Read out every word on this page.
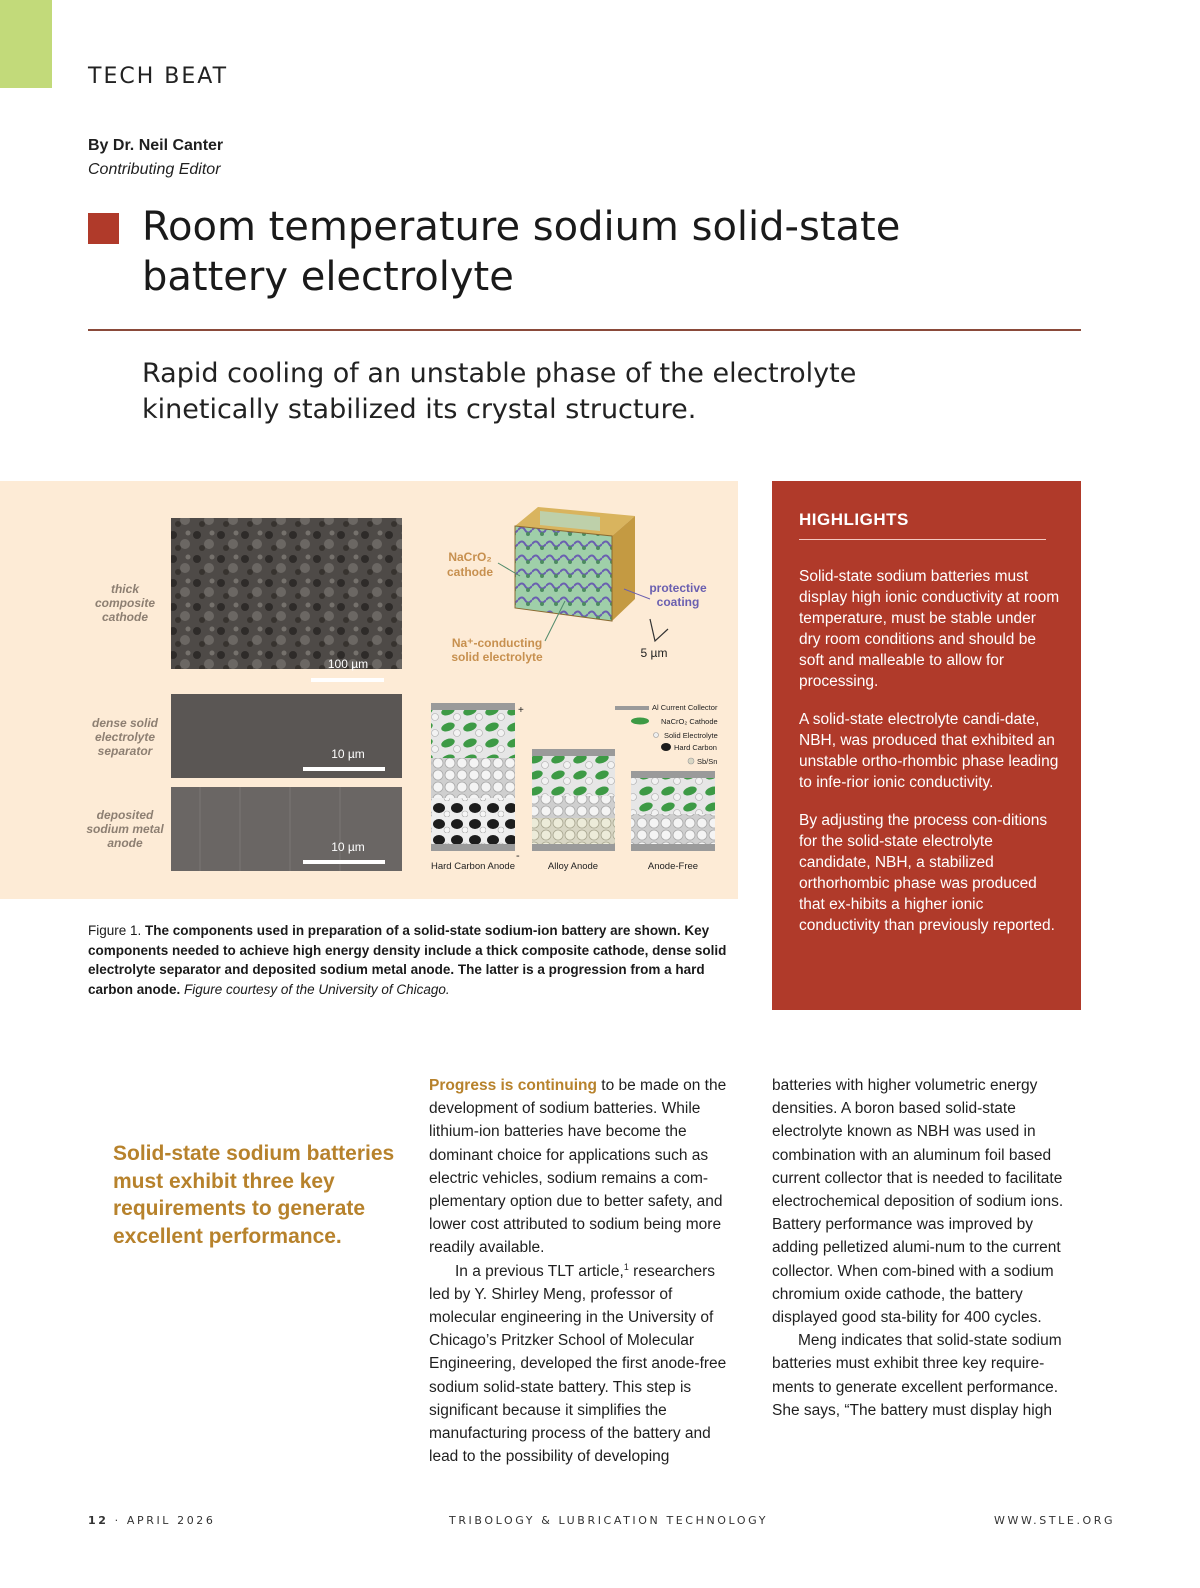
TECH BEAT
By Dr. Neil Canter
Contributing Editor
Room temperature sodium solid-state battery electrolyte
Rapid cooling of an unstable phase of the electrolyte kinetically stabilized its crystal structure.
100 µm
10 µm
10 µm
thick
composite
cathode
dense solid
electrolyte
separator
deposited
sodium metal
anode
NaCrO₂
cathode
protective
coating
Na⁺-conducting
solid electrolyte	5 µm
+
-
Hard Carbon Anode	Alloy Anode	Anode-Free
Al Current Collector
NaCrO₂ Cathode
Solid Electrolyte
Hard Carbon
Sb/Sn
Figure 1. The components used in preparation of a solid-state sodium-ion battery are shown. Key components needed to achieve high energy density include a thick composite cathode, dense solid electrolyte separator and deposited sodium metal anode. The latter is a progression from a hard carbon anode. Figure courtesy of the University of Chicago.
HIGHLIGHTS

Solid-state sodium batteries must display high ionic conductivity at room temperature, must be stable under dry room conditions and should be soft and malleable to allow for processing.

A solid-state electrolyte candi-date, NBH, was produced that exhibited an unstable ortho-rhombic phase leading to infe-rior ionic conductivity.

By adjusting the process con-ditions for the solid-state electrolyte candidate, NBH, a stabilized orthorhombic phase was produced that ex-hibits a higher ionic conductivity than previously reported.

Solid-state sodium batteries must exhibit three key requirements to generate excellent performance.

Progress is continuing to be made on the development of sodium batteries. While lithium-ion batteries have become the dominant choice for applications such as electric vehicles, sodium remains a com-plementary option due to better safety, and lower cost attributed to sodium being more readily available.

In a previous TLT article,$^1$ researchers led by Y. Shirley Meng, professor of molecular engineering in the University of Chicago’s Pritzker School of Molecular Engineering, developed the first anode-free sodium solid-state battery. This step is significant because it simplifies the manufacturing process of the battery and lead to the possibility of developing

batteries with higher volumetric energy densities. A boron based solid-state electrolyte known as NBH was used in combination with an aluminum foil based current collector that is needed to facilitate electrochemical deposition of sodium ions. Battery performance was improved by adding pelletized alumi-num to the current collector. When com-bined with a sodium chromium oxide cathode, the battery displayed good sta-bility for 400 cycles.

Meng indicates that solid-state sodium batteries must exhibit three key require-ments to generate excellent performance. She says, “The battery must display high

12 · APRIL 2026	TRIBOLOGY & LUBRICATION TECHNOLOGY	WWW.STLE.ORG
